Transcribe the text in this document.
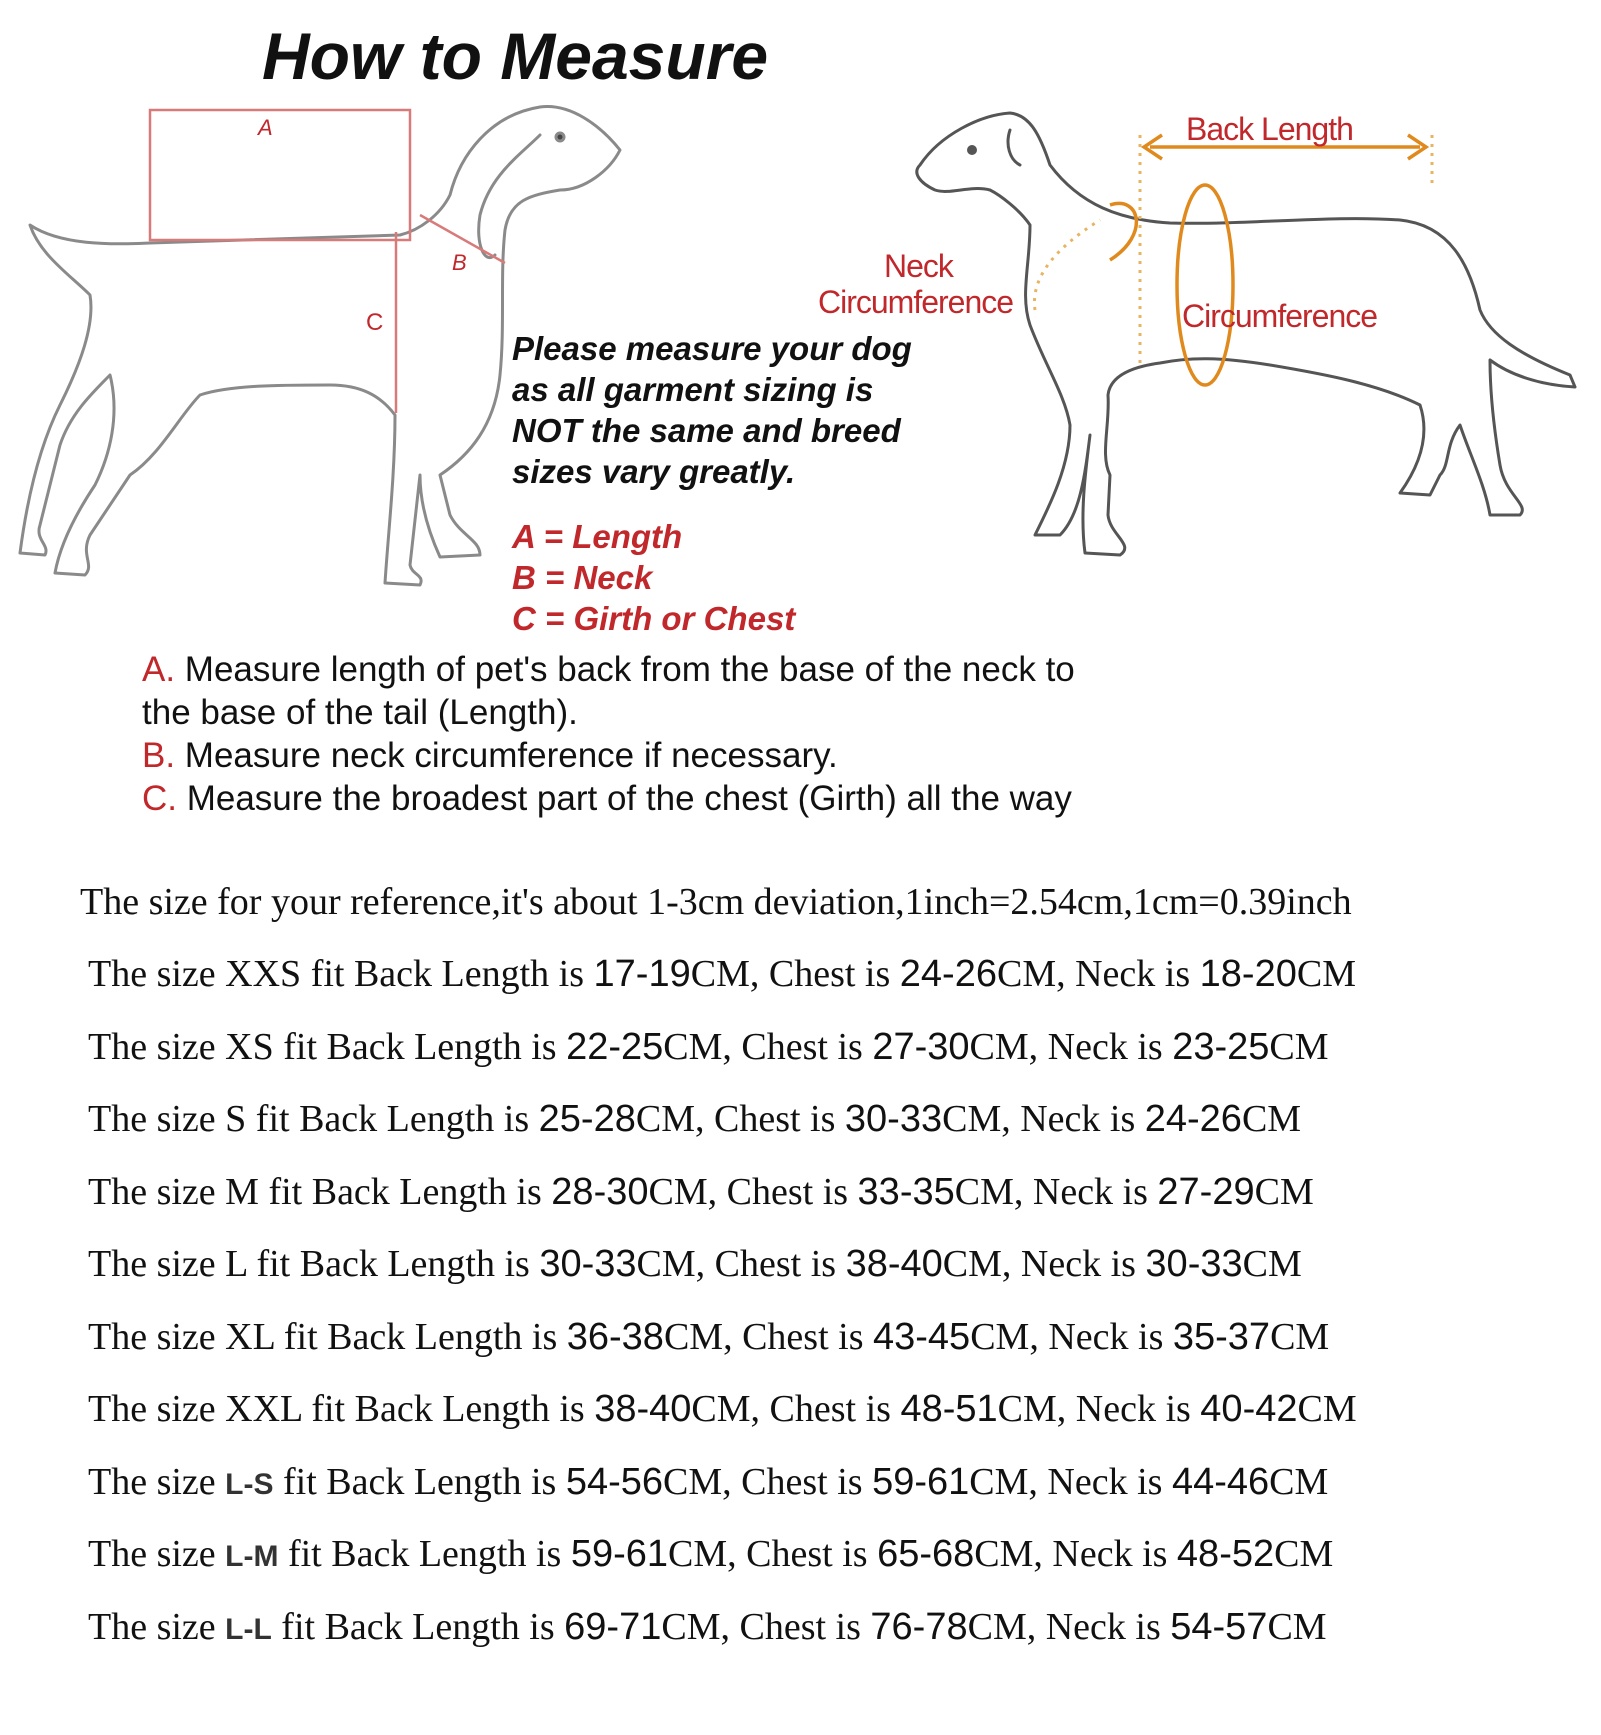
How to Measure
A
B
C
Back Length
Neck
Circumference	Circumference
Please measure your dog
as all garment sizing is
NOT the same and breed
sizes vary greatly.
A = Length
B = Neck
C = Girth or Chest
A. Measure length of pet's back from the base of the neck to
the base of the tail (Length).
B. Measure neck circumference if necessary.
C. Measure the broadest part of the chest (Girth) all the way
The size for your reference,it's about 1-3cm deviation,1inch=2.54cm,1cm=0.39inch
The size XXS fit Back Length is 17-19CM, Chest is 24-26CM, Neck is 18-20CM
The size XS fit Back Length is 22-25CM, Chest is 27-30CM, Neck is 23-25CM
The size S fit Back Length is 25-28CM, Chest is 30-33CM, Neck is 24-26CM
The size M fit Back Length is 28-30CM, Chest is 33-35CM, Neck is 27-29CM
The size L fit Back Length is 30-33CM, Chest is 38-40CM, Neck is 30-33CM
The size XL fit Back Length is 36-38CM, Chest is 43-45CM, Neck is 35-37CM
The size XXL fit Back Length is 38-40CM, Chest is 48-51CM, Neck is 40-42CM
The size L-S fit Back Length is 54-56CM, Chest is 59-61CM, Neck is 44-46CM
The size L-M fit Back Length is 59-61CM, Chest is 65-68CM, Neck is 48-52CM
The size L-L fit Back Length is 69-71CM, Chest is 76-78CM, Neck is 54-57CM
